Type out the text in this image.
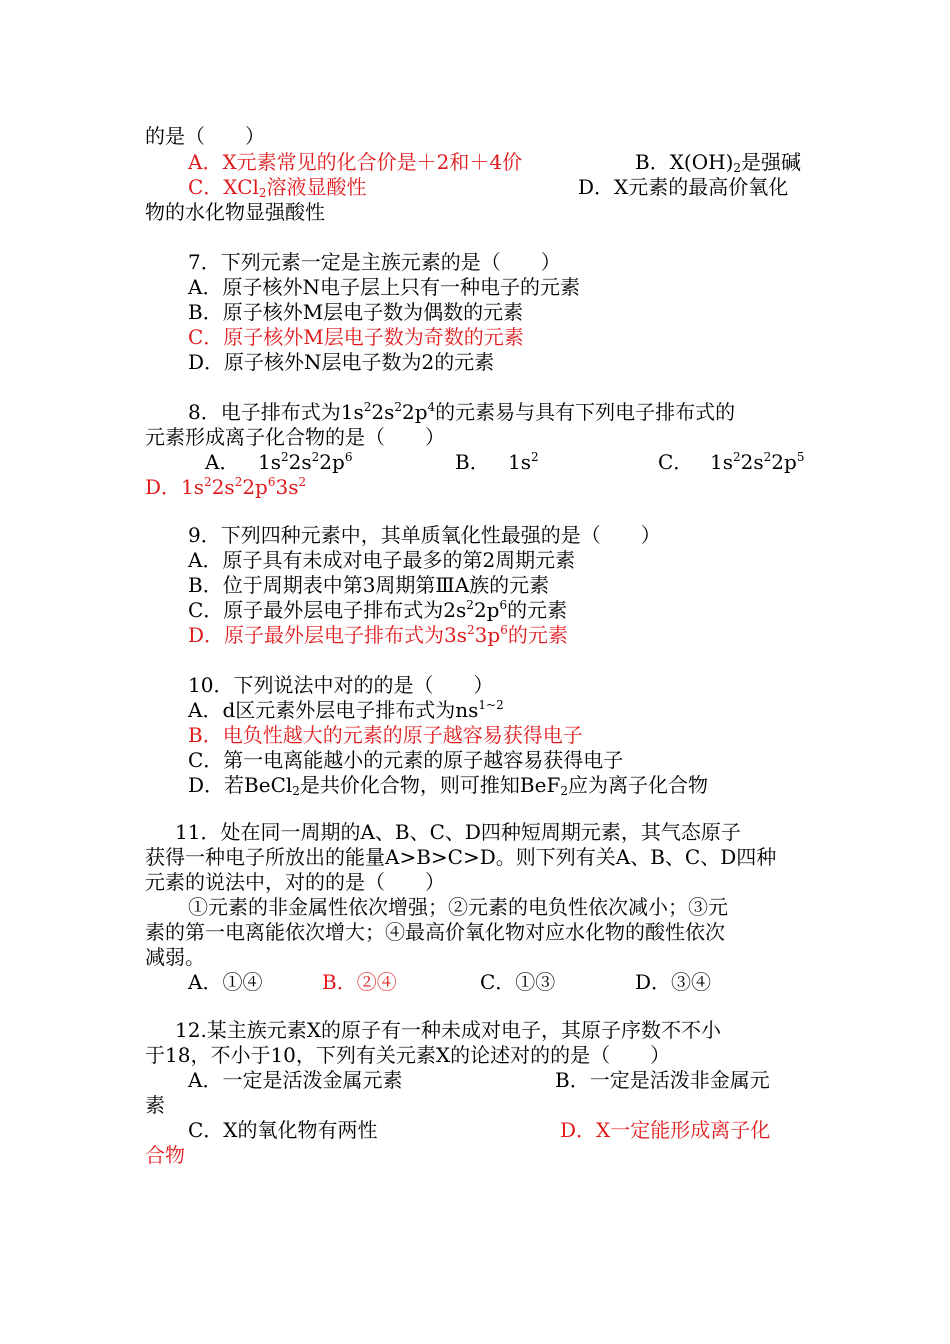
的是（　　）
A．X元素常见的化合价是＋2和＋4价	B．$X(OH)_2$是强碱
C．XCl$_2$溶液显酸性	D．X元素的最高价氧化
物的水化物显强酸性
7．下列元素一定是主族元素的是（　　）
A．原子核外N电子层上只有一种电子的元素
B．原子核外M层电子数为偶数的元素
C．原子核外M层电子数为奇数的元素
D．原子核外N层电子数为2的元素
8．电子排布式为$1s^22s^22p^4$的元素易与具有下列电子排布式的
元素形成离子化合物的是（　　）
A． $1s^22s^22p^6$	B． $1s^2$	C． $1s^22s^22p^5$
D．$1s^22s^22p^63s^2$
9．下列四种元素中，其单质氧化性最强的是（　　）
A．原子具有未成对电子最多的第2周期元素
B．位于周期表中第3周期第ⅢA族的元素
C．原子最外层电子排布式为$2s^22p^6$的元素
D．原子最外层电子排布式为$3s^23p^6$的元素
10．下列说法中对的的是（　　）
A．d区元素外层电子排布式为$ns^{1\sim 2}$
B．电负性越大的元素的原子越容易获得电子
C．第一电离能越小的元素的原子越容易获得电子
D．若BeCl$_2$是共价化合物，则可推知BeF$_2$应为离子化合物
11．处在同一周期的A、B、C、D四种短周期元素，其气态原子
获得一种电子所放出的能量A>B>C>D。则下列有关A、B、C、D四种
元素的说法中，对的的是（　　）
①元素的非金属性依次增强；②元素的电负性依次减小；③元
素的第一电离能依次增大；④最高价氧化物对应水化物的酸性依次
减弱。
A．①④	B．②④	C．①③	D．③④
12.某主族元素X的原子有一种未成对电子，其原子序数不不小
于18，不小于10，下列有关元素X的论述对的的是（　　）
A．一定是活泼金属元素	B．一定是活泼非金属元
素
C．X的氧化物有两性	D．X一定能形成离子化
合物
